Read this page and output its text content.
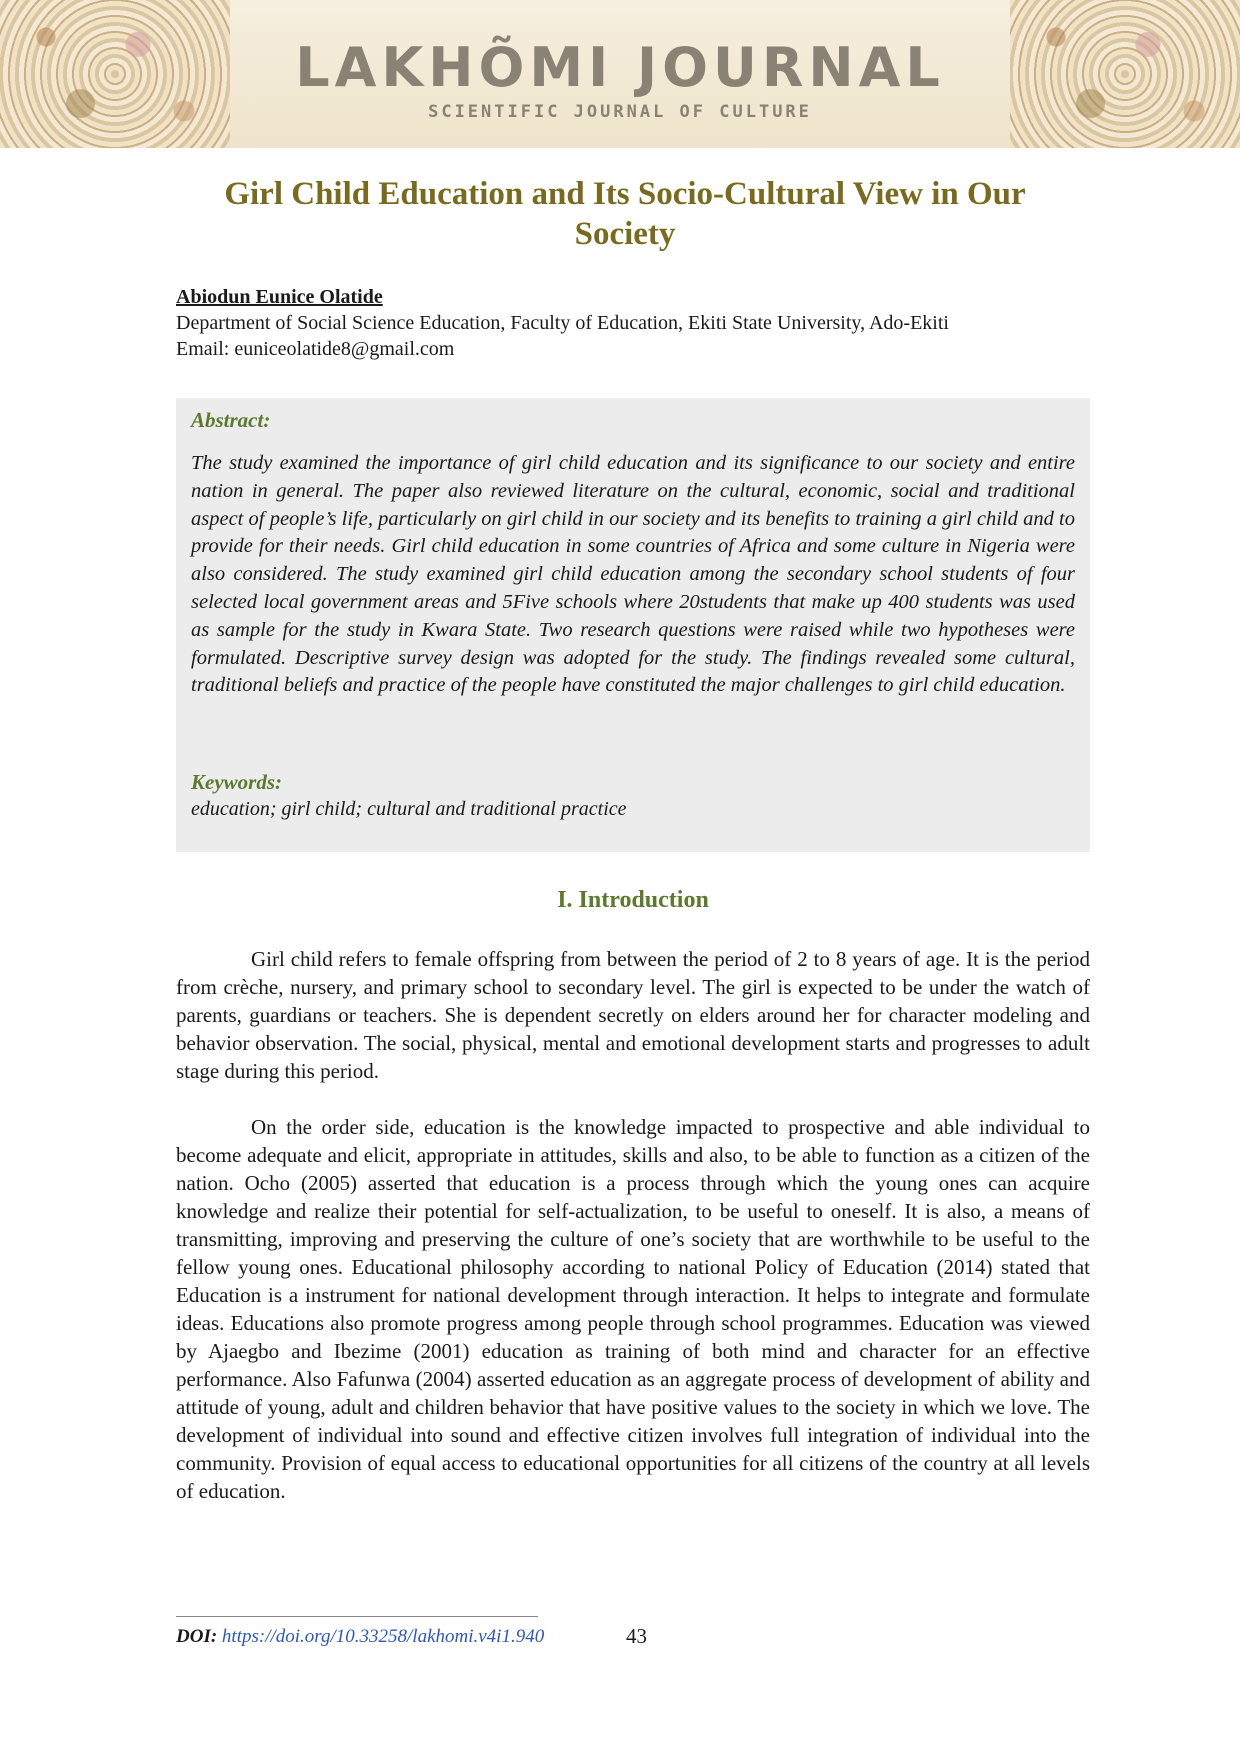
LAKHÕMI JOURNAL
SCIENTIFIC JOURNAL OF CULTURE
Girl Child Education and Its Socio-Cultural View in Our Society
Abiodun Eunice Olatide
Department of Social Science Education, Faculty of Education, Ekiti State University, Ado-Ekiti
Email: euniceolatide8@gmail.com
Abstract:

The study examined the importance of girl child education and its significance to our society and entire nation in general. The paper also reviewed literature on the cultural, economic, social and traditional aspect of people’s life, particularly on girl child in our society and its benefits to training a girl child and to provide for their needs. Girl child education in some countries of Africa and some culture in Nigeria were also considered. The study examined girl child education among the secondary school students of four selected local government areas and 5Five schools where 20students that make up 400 students was used as sample for the study in Kwara State. Two research questions were raised while two hypotheses were formulated. Descriptive survey design was adopted for the study. The findings revealed some cultural, traditional beliefs and practice of the people have constituted the major challenges to girl child education.

Keywords:
education; girl child; cultural and traditional practice
I. Introduction

Girl child refers to female offspring from between the period of 2 to 8 years of age. It is the period from crèche, nursery, and primary school to secondary level. The girl is expected to be under the watch of parents, guardians or teachers. She is dependent secretly on elders around her for character modeling and behavior observation. The social, physical, mental and emotional development starts and progresses to adult stage during this period.

On the order side, education is the knowledge impacted to prospective and able individual to become adequate and elicit, appropriate in attitudes, skills and also, to be able to function as a citizen of the nation. Ocho (2005) asserted that education is a process through which the young ones can acquire knowledge and realize their potential for self-actualization, to be useful to oneself. It is also, a means of transmitting, improving and preserving the culture of one’s society that are worthwhile to be useful to the fellow young ones. Educational philosophy according to national Policy of Education (2014) stated that Education is a instrument for national development through interaction. It helps to integrate and formulate ideas. Educations also promote progress among people through school programmes. Education was viewed by Ajaegbo and Ibezime (2001) education as training of both mind and character for an effective performance. Also Fafunwa (2004) asserted education as an aggregate process of development of ability and attitude of young, adult and children behavior that have positive values to the society in which we love. The development of individual into sound and effective citizen involves full integration of individual into the community. Provision of equal access to educational opportunities for all citizens of the country at all levels of education.

DOI: https://doi.org/10.33258/lakhomi.v4i1.940	43
